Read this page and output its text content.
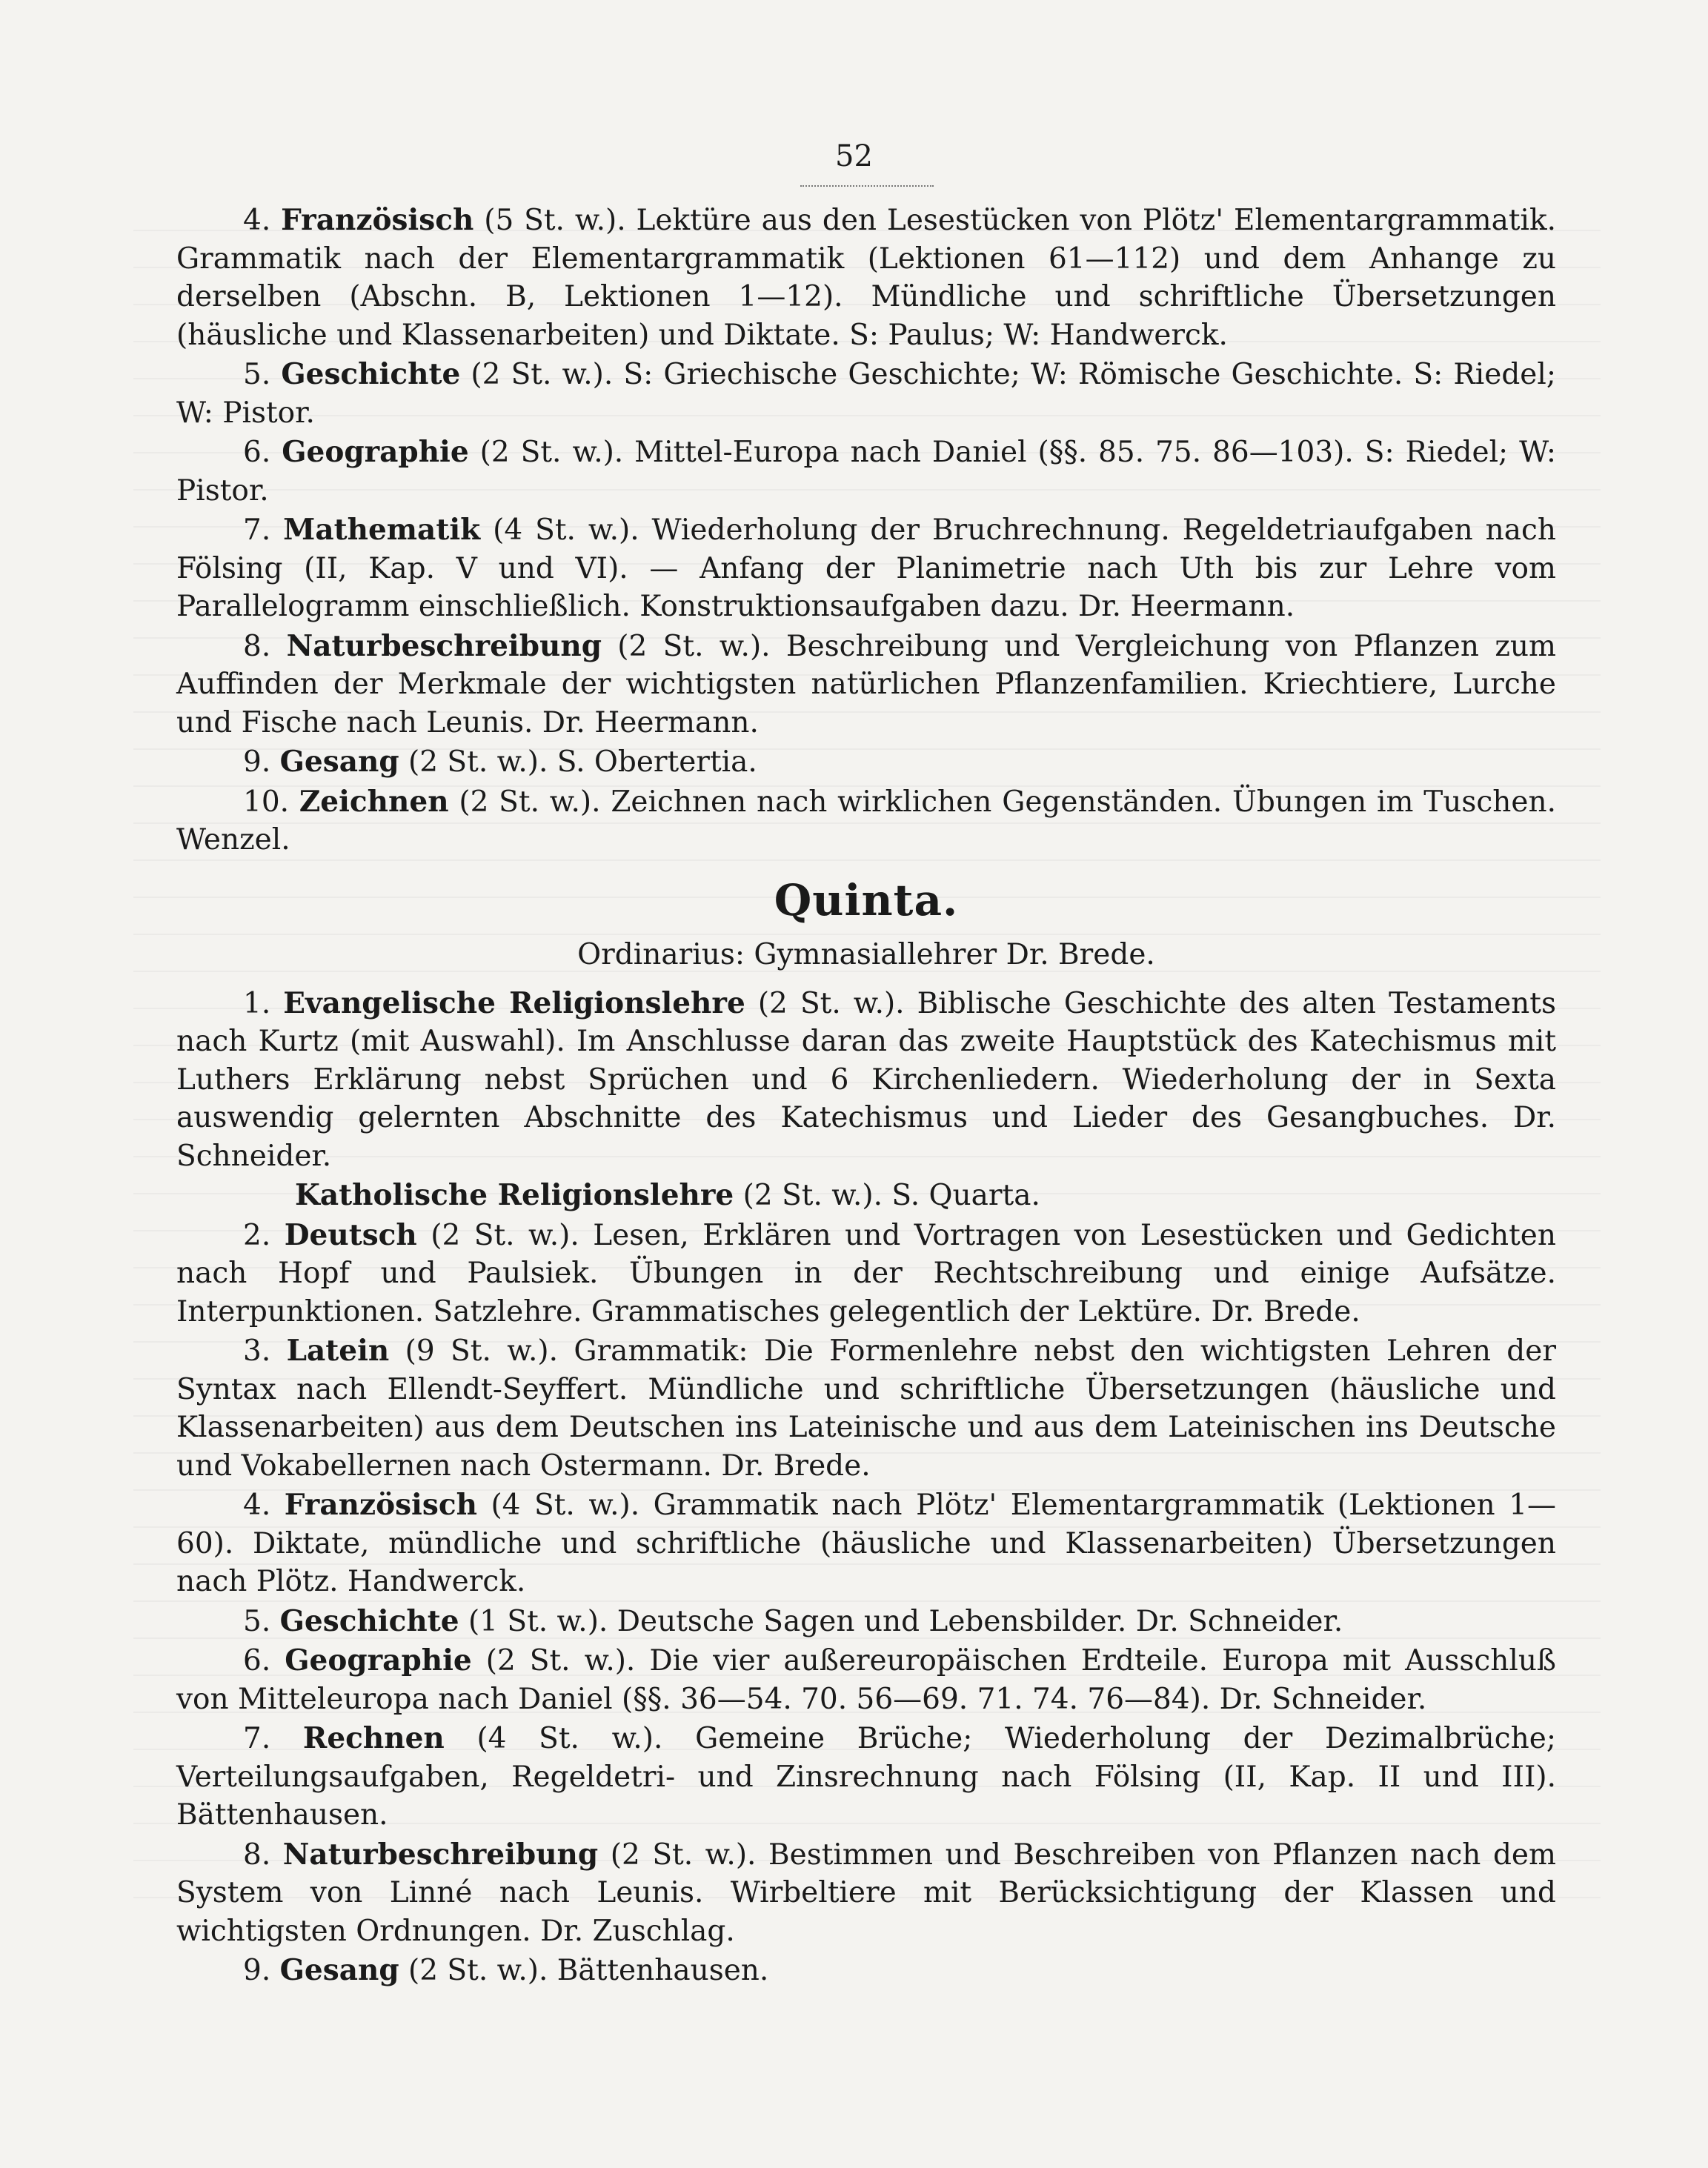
52

4. Französisch (5 St. w.). Lektüre aus den Lesestücken von Plötz' Elementargrammatik. Grammatik nach der Elementargrammatik (Lektionen 61—112) und dem Anhange zu derselben (Abschn. B, Lektionen 1—12). Mündliche und schriftliche Übersetzungen (häusliche und Klassenarbeiten) und Diktate. S: Paulus; W: Handwerck.

5. Geschichte (2 St. w.). S: Griechische Geschichte; W: Römische Geschichte. S: Riedel; W: Pistor.

6. Geographie (2 St. w.). Mittel-Europa nach Daniel (§§. 85. 75. 86—103). S: Riedel; W: Pistor.

7. Mathematik (4 St. w.). Wiederholung der Bruchrechnung. Regeldetriaufgaben nach Fölsing (II, Kap. V und VI). — Anfang der Planimetrie nach Uth bis zur Lehre vom Parallelogramm einschließlich. Konstruktionsaufgaben dazu. Dr. Heermann.

8. Naturbeschreibung (2 St. w.). Beschreibung und Vergleichung von Pflanzen zum Auffinden der Merkmale der wichtigsten natürlichen Pflanzenfamilien. Kriechtiere, Lurche und Fische nach Leunis. Dr. Heermann.

9. Gesang (2 St. w.). S. Obertertia.

10. Zeichnen (2 St. w.). Zeichnen nach wirklichen Gegenständen. Übungen im Tuschen. Wenzel.

Quinta.
Ordinarius: Gymnasiallehrer Dr. Brede.

1. Evangelische Religionslehre (2 St. w.). Biblische Geschichte des alten Testaments nach Kurtz (mit Auswahl). Im Anschlusse daran das zweite Hauptstück des Katechismus mit Luthers Erklärung nebst Sprüchen und 6 Kirchenliedern. Wiederholung der in Sexta auswendig gelernten Abschnitte des Katechismus und Lieder des Gesangbuches. Dr. Schneider.

Katholische Religionslehre (2 St. w.). S. Quarta.

2. Deutsch (2 St. w.). Lesen, Erklären und Vortragen von Lesestücken und Gedichten nach Hopf und Paulsiek. Übungen in der Rechtschreibung und einige Aufsätze. Interpunktionen. Satzlehre. Grammatisches gelegentlich der Lektüre. Dr. Brede.

3. Latein (9 St. w.). Grammatik: Die Formenlehre nebst den wichtigsten Lehren der Syntax nach Ellendt-Seyffert. Mündliche und schriftliche Übersetzungen (häusliche und Klassenarbeiten) aus dem Deutschen ins Lateinische und aus dem Lateinischen ins Deutsche und Vokabellernen nach Ostermann. Dr. Brede.

4. Französisch (4 St. w.). Grammatik nach Plötz' Elementargrammatik (Lektionen 1—60). Diktate, mündliche und schriftliche (häusliche und Klassenarbeiten) Übersetzungen nach Plötz. Handwerck.

5. Geschichte (1 St. w.). Deutsche Sagen und Lebensbilder. Dr. Schneider.

6. Geographie (2 St. w.). Die vier außereuropäischen Erdteile. Europa mit Ausschluß von Mitteleuropa nach Daniel (§§. 36—54. 70. 56—69. 71. 74. 76—84). Dr. Schneider.

7. Rechnen (4 St. w.). Gemeine Brüche; Wiederholung der Dezimalbrüche; Verteilungsaufgaben, Regeldetri- und Zinsrechnung nach Fölsing (II, Kap. II und III). Bättenhausen.

8. Naturbeschreibung (2 St. w.). Bestimmen und Beschreiben von Pflanzen nach dem System von Linné nach Leunis. Wirbeltiere mit Berücksichtigung der Klassen und wichtigsten Ordnungen. Dr. Zuschlag.

9. Gesang (2 St. w.). Bättenhausen.
